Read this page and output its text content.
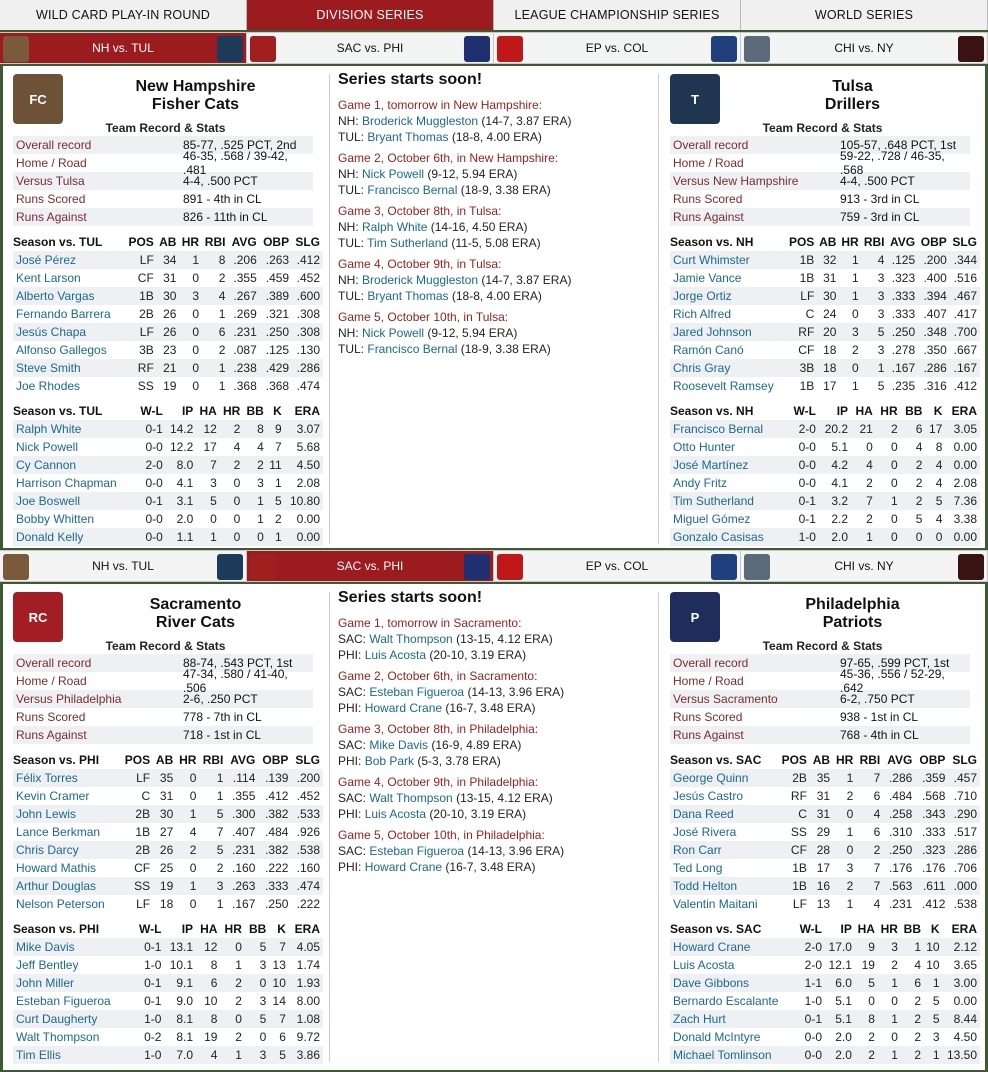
WILD CARD PLAY-IN ROUND	DIVISION SERIES	LEAGUE CHAMPIONSHIP SERIES	WORLD SERIES
NH vs. TUL	SAC vs. PHI	EP vs. COL	CHI vs. NY
FC
New Hampshire
Fisher Cats
Team Record & Stats
Overall record	85-77, .525 PCT, 2nd
Home / Road	46-35, .568 / 39-42, .481
Versus Tulsa	4-4, .500 PCT
Runs Scored	891 - 4th in CL
Runs Against	826 - 11th in CL
Season vs. TUL	POS	AB	HR	RBI	AVG	OBP	SLG
José Pérez	LF	34	1	8	.206	.263	.412
Kent Larson	CF	31	0	2	.355	.459	.452
Alberto Vargas	1B	30	3	4	.267	.389	.600
Fernando Barrera	2B	26	0	1	.269	.321	.308
Jesús Chapa	LF	26	0	6	.231	.250	.308
Alfonso Gallegos	3B	23	0	2	.087	.125	.130
Steve Smith	RF	21	0	1	.238	.429	.286
Joe Rhodes	SS	19	0	1	.368	.368	.474
Season vs. TUL	W-L	IP	HA	HR	BB	K	ERA
Ralph White	0-1	14.2	12	2	8	9	3.07
Nick Powell	0-0	12.2	17	4	4	7	5.68
Cy Cannon	2-0	8.0	7	2	2	11	4.50
Harrison Chapman	0-0	4.1	3	0	3	1	2.08
Joe Boswell	0-1	3.1	5	0	1	5	10.80
Bobby Whitten	0-0	2.0	0	0	1	2	0.00
Donald Kelly	0-0	1.1	1	0	0	1	0.00
Series starts soon!
Game 1, tomorrow in New Hampshire:
NH: Broderick Muggleston (14-7, 3.87 ERA)
TUL: Bryant Thomas (18-8, 4.00 ERA)
Game 2, October 6th, in New Hampshire:
NH: Nick Powell (9-12, 5.94 ERA)
TUL: Francisco Bernal (18-9, 3.38 ERA)
Game 3, October 8th, in Tulsa:
NH: Ralph White (14-16, 4.50 ERA)
TUL: Tim Sutherland (11-5, 5.08 ERA)
Game 4, October 9th, in Tulsa:
NH: Broderick Muggleston (14-7, 3.87 ERA)
TUL: Bryant Thomas (18-8, 4.00 ERA)
Game 5, October 10th, in Tulsa:
NH: Nick Powell (9-12, 5.94 ERA)
TUL: Francisco Bernal (18-9, 3.38 ERA)
T
Tulsa
Drillers
Team Record & Stats
Overall record	105-57, .648 PCT, 1st
Home / Road	59-22, .728 / 46-35, .568
Versus New Hampshire	4-4, .500 PCT
Runs Scored	913 - 3rd in CL
Runs Against	759 - 3rd in CL
Season vs. NH	POS	AB	HR	RBI	AVG	OBP	SLG
Curt Whimster	1B	32	1	4	.125	.200	.344
Jamie Vance	1B	31	1	3	.323	.400	.516
Jorge Ortiz	LF	30	1	3	.333	.394	.467
Rich Alfred	C	24	0	3	.333	.407	.417
Jared Johnson	RF	20	3	5	.250	.348	.700
Ramón Canó	CF	18	2	3	.278	.350	.667
Chris Gray	3B	18	0	1	.167	.286	.167
Roosevelt Ramsey	1B	17	1	5	.235	.316	.412
Season vs. NH	W-L	IP	HA	HR	BB	K	ERA
Francisco Bernal	2-0	20.2	21	2	6	17	3.05
Otto Hunter	0-0	5.1	0	0	4	8	0.00
José Martínez	0-0	4.2	4	0	2	4	0.00
Andy Fritz	0-0	4.1	2	0	2	4	2.08
Tim Sutherland	0-1	3.2	7	1	2	5	7.36
Miguel Gómez	0-1	2.2	2	0	5	4	3.38
Gonzalo Casisas	1-0	2.0	1	0	0	0	0.00
NH vs. TUL	SAC vs. PHI	EP vs. COL	CHI vs. NY
RC
Sacramento
River Cats
Team Record & Stats
Overall record	88-74, .543 PCT, 1st
Home / Road	47-34, .580 / 41-40, .506
Versus Philadelphia	2-6, .250 PCT
Runs Scored	778 - 7th in CL
Runs Against	718 - 1st in CL
Season vs. PHI	POS	AB	HR	RBI	AVG	OBP	SLG
Félix Torres	LF	35	0	1	.114	.139	.200
Kevin Cramer	C	31	0	1	.355	.412	.452
John Lewis	2B	30	1	5	.300	.382	.533
Lance Berkman	1B	27	4	7	.407	.484	.926
Chris Darcy	2B	26	2	5	.231	.382	.538
Howard Mathis	CF	25	0	2	.160	.222	.160
Arthur Douglas	SS	19	1	3	.263	.333	.474
Nelson Peterson	LF	18	0	1	.167	.250	.222
Season vs. PHI	W-L	IP	HA	HR	BB	K	ERA
Mike Davis	0-1	13.1	12	0	5	7	4.05
Jeff Bentley	1-0	10.1	8	1	3	13	1.74
John Miller	0-1	9.1	6	2	0	10	1.93
Esteban Figueroa	0-1	9.0	10	2	3	14	8.00
Curt Daugherty	1-0	8.1	8	0	5	7	1.08
Walt Thompson	0-2	8.1	19	2	0	6	9.72
Tim Ellis	1-0	7.0	4	1	3	5	3.86
Series starts soon!
Game 1, tomorrow in Sacramento:
SAC: Walt Thompson (13-15, 4.12 ERA)
PHI: Luis Acosta (20-10, 3.19 ERA)
Game 2, October 6th, in Sacramento:
SAC: Esteban Figueroa (14-13, 3.96 ERA)
PHI: Howard Crane (16-7, 3.48 ERA)
Game 3, October 8th, in Philadelphia:
SAC: Mike Davis (16-9, 4.89 ERA)
PHI: Bob Park (5-3, 3.78 ERA)
Game 4, October 9th, in Philadelphia:
SAC: Walt Thompson (13-15, 4.12 ERA)
PHI: Luis Acosta (20-10, 3.19 ERA)
Game 5, October 10th, in Philadelphia:
SAC: Esteban Figueroa (14-13, 3.96 ERA)
PHI: Howard Crane (16-7, 3.48 ERA)
P
Philadelphia
Patriots
Team Record & Stats
Overall record	97-65, .599 PCT, 1st
Home / Road	45-36, .556 / 52-29, .642
Versus Sacramento	6-2, .750 PCT
Runs Scored	938 - 1st in CL
Runs Against	768 - 4th in CL
Season vs. SAC	POS	AB	HR	RBI	AVG	OBP	SLG
George Quinn	2B	35	1	7	.286	.359	.457
Jesús Castro	RF	31	2	6	.484	.568	.710
Dana Reed	C	31	0	4	.258	.343	.290
José Rivera	SS	29	1	6	.310	.333	.517
Ron Carr	CF	28	0	2	.250	.323	.286
Ted Long	1B	17	3	7	.176	.176	.706
Todd Helton	1B	16	2	7	.563	.611	.000
Valentin Maitani	LF	13	1	4	.231	.412	.538
Season vs. SAC	W-L	IP	HA	HR	BB	K	ERA
Howard Crane	2-0	17.0	9	3	1	10	2.12
Luis Acosta	2-0	12.1	19	2	4	10	3.65
Dave Gibbons	1-1	6.0	5	1	6	1	3.00
Bernardo Escalante	1-0	5.1	0	0	2	5	0.00
Zach Hurt	0-1	5.1	8	1	2	5	8.44
Donald McIntyre	0-0	2.0	2	0	2	3	4.50
Michael Tomlinson	0-0	2.0	2	1	2	1	13.50
